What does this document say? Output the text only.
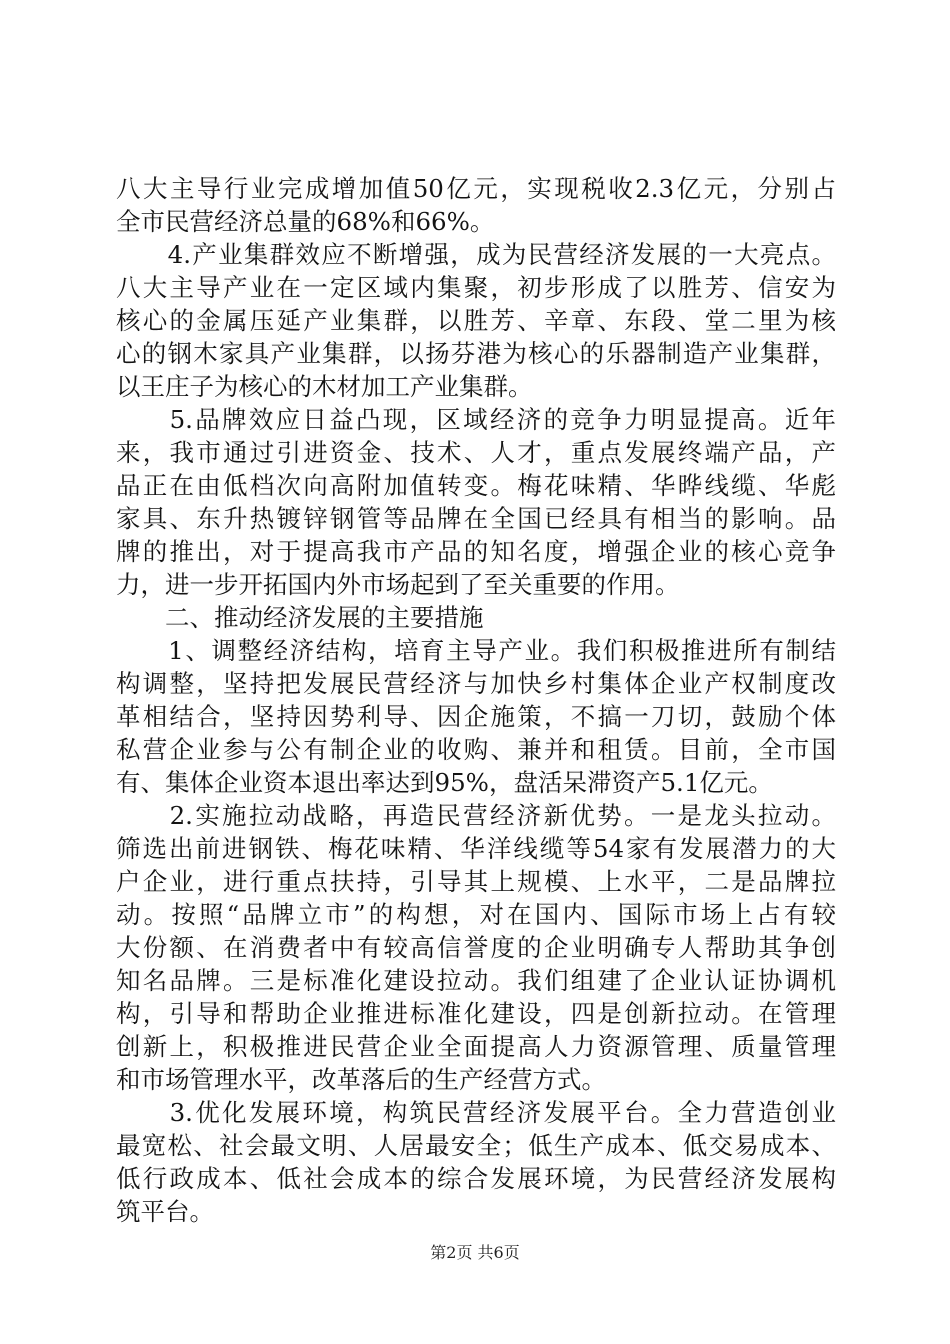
八大主导行业完成增加值50亿元，实现税收2.3亿元，分别占
全市民营经济总量的68%和66%。
　　4.产业集群效应不断增强，成为民营经济发展的一大亮点。
八大主导产业在一定区域内集聚，初步形成了以胜芳、信安为
核心的金属压延产业集群，以胜芳、辛章、东段、堂二里为核
心的钢木家具产业集群，以扬芬港为核心的乐器制造产业集群，
以王庄子为核心的木材加工产业集群。
　　5.品牌效应日益凸现，区域经济的竞争力明显提高。近年
来，我市通过引进资金、技术、人才，重点发展终端产品，产
品正在由低档次向高附加值转变。梅花味精、华晔线缆、华彪
家具、东升热镀锌钢管等品牌在全国已经具有相当的影响。品
牌的推出，对于提高我市产品的知名度，增强企业的核心竞争
力，进一步开拓国内外市场起到了至关重要的作用。
　　二、推动经济发展的主要措施
　　1、调整经济结构，培育主导产业。我们积极推进所有制结
构调整，坚持把发展民营经济与加快乡村集体企业产权制度改
革相结合，坚持因势利导、因企施策，不搞一刀切，鼓励个体
私营企业参与公有制企业的收购、兼并和租赁。目前，全市国
有、集体企业资本退出率达到95%，盘活呆滞资产5.1亿元。
　　2.实施拉动战略，再造民营经济新优势。一是龙头拉动。
筛选出前进钢铁、梅花味精、华洋线缆等54家有发展潜力的大
户企业，进行重点扶持，引导其上规模、上水平，二是品牌拉
动。按照“品牌立市”的构想，对在国内、国际市场上占有较
大份额、在消费者中有较高信誉度的企业明确专人帮助其争创
知名品牌。三是标准化建设拉动。我们组建了企业认证协调机
构，引导和帮助企业推进标准化建设，四是创新拉动。在管理
创新上，积极推进民营企业全面提高人力资源管理、质量管理
和市场管理水平，改革落后的生产经营方式。
　　3.优化发展环境，构筑民营经济发展平台。全力营造创业
最宽松、社会最文明、人居最安全；低生产成本、低交易成本、
低行政成本、低社会成本的综合发展环境，为民营经济发展构
筑平台。
第2页 共6页
